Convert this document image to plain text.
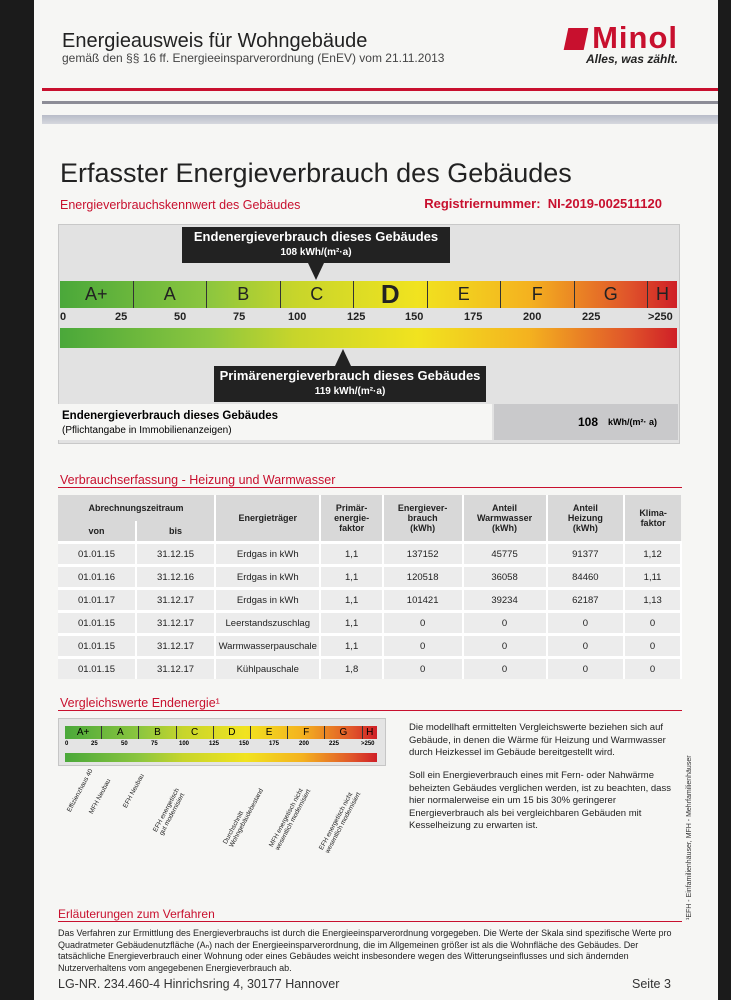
Energieausweis für Wohngebäude
gemäß den §§ 16 ff. Energieeinsparverordnung (EnEV) vom 21.11.2013
Minol
Alles, was zählt.
Erfasster Energieverbrauch des Gebäudes
Energieverbrauchskennwert des Gebäudes	Registriernummer: NI-2019-002511120
Endenergieverbrauch dieses Gebäudes
108 kWh/(m²·a)
A+	A	B	C	D	E	F	G	H
0	25	50	75	100	125	150	175	200	225	>250
Primärenergieverbrauch dieses Gebäudes
119 kWh/(m²·a)
Endenergieverbrauch dieses Gebäudes
(Pflichtangabe in Immobilienanzeigen)
108 kWh/(m²· a)
Verbrauchserfassung - Heizung und Warmwasser
Abrechnungszeitraum		Energieträger	Primär-
energie-
faktor	Energiever-
brauch
(kWh)	Anteil
Warmwasser
(kWh)	Anteil
Heizung
(kWh)	Klima-
faktor
von	bis						
01.01.15	31.12.15	Erdgas in kWh	1,1	137152	45775	91377	1,12
01.01.16	31.12.16	Erdgas in kWh	1,1	120518	36058	84460	1,11
01.01.17	31.12.17	Erdgas in kWh	1,1	101421	39234	62187	1,13
01.01.15	31.12.17	Leerstandszuschlag	1,1	0	0	0	0
01.01.15	31.12.17	Warmwasserpauschale	1,1	0	0	0	0
01.01.15	31.12.17	Kühlpauschale	1,8	0	0	0	0
Vergleichswerte Endenergie¹
A+	A	B	C	D	E	F	G	H
0	25	50	75	100	125	150	175	200	225	>250
Effizienzhaus 40
MFH Neubau EFH Neubau EFH energetisch
gut modernisiert	Durchschnitt
Wohngebäudebestand MFH energetisch nicht
wesentlich modernisiert EFH energetisch nicht
wesentlich modernisiert
Die modellhaft ermittelten Vergleichswerte beziehen sich auf Gebäude, in denen die Wärme für Heizung und Warmwasser durch Heizkessel im Gebäude bereitgestellt wird.
Soll ein Energieverbrauch eines mit Fern- oder Nahwärme beheizten Gebäudes verglichen werden, ist zu beachten, dass hier normalerweise ein um 15 bis 30% geringerer Energieverbrauch als bei vergleichbaren Gebäuden mit Kesselheizung zu erwarten ist.	¹EFH - Einfamilienhäuser, MFH - Mehrfamilienhäuser
Erläuterungen zum Verfahren
Das Verfahren zur Ermittlung des Energieverbrauchs ist durch die Energieeinsparverordnung vorgegeben. Die Werte der Skala sind spezifische Werte pro Quadratmeter Gebäudenutzfläche (Aₙ) nach der Energieeinsparverordnung, die im Allgemeinen größer ist als die Wohnfläche des Gebäudes. Der tatsächliche Energieverbrauch einer Wohnung oder eines Gebäudes weicht insbesondere wegen des Witterungseinflusses und sich ändernden Nutzerverhaltens vom angegebenen Energieverbrauch ab.
LG-NR. 234.460-4 Hinrichsring 4, 30177 Hannover	Seite 3
